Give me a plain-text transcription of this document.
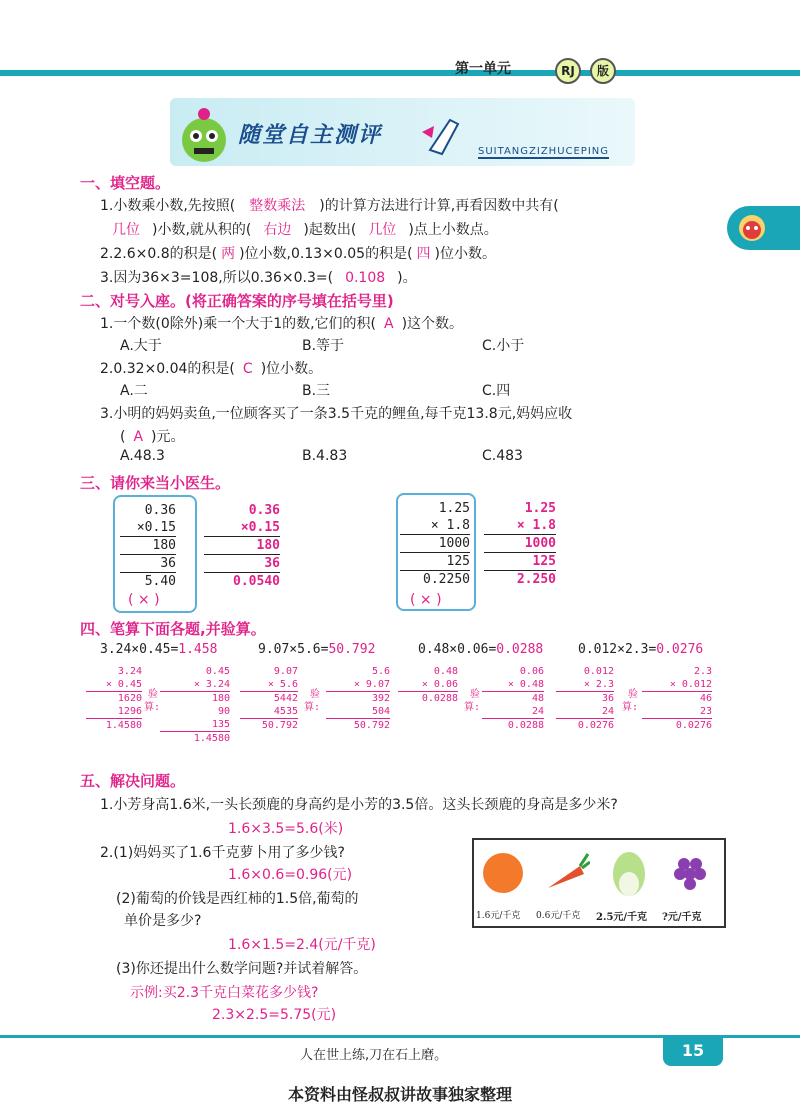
第一单元	RJ	版
随堂自主测评
SUITANGZIZHUCEPING
一、填空题。
1.小数乘小数,先按照( 整数乘法 )的计算方法进行计算,再看因数中共有(
几位 )小数,就从积的( 右边 )起数出( 几位 )点上小数点。
2.2.6×0.8的积是( 两 )位小数,0.13×0.05的积是( 四 )位小数。
3.因为36×3=108,所以0.36×0.3=( 0.108 )。
二、对号入座。(将正确答案的序号填在括号里)
1.一个数(0除外)乘一个大于1的数,它们的积( A )这个数。
A.大于	B.等于	C.小于
2.0.32×0.04的积是( C )位小数。
A.二	B.三	C.四
3.小明的妈妈卖鱼,一位顾客买了一条3.5千克的鲤鱼,每千克13.8元,妈妈应收
( A )元。
A.48.3	B.4.83	C.483
三、请你来当小医生。
0.36
×0.15
180
36
5.40
( × )
0.36
×0.15
180
36
0.0540
1.25
× 1.8
1000
125
0.2250
( × )
1.25
× 1.8
1000
125
2.250
四、笔算下面各题,并验算。
3.24×0.45=1.458	9.07×5.6=50.792	0.48×0.06=0.0288	0.012×2.3=0.0276
3.24
× 0.45
1620
1296
1.4580
验
算:
0.45
× 3.24
180
90
135
1.4580
9.07
× 5.6
5442
4535
50.792
验
算:
5.6
× 9.07
392
504
50.792
0.48
× 0.06
0.0288	验
算:
0.06
× 0.48
48
24
0.0288
0.012
× 2.3
36
24
0.0276
验
算:
2.3
× 0.012
46
23
0.0276
五、解决问题。
1.小芳身高1.6米,一头长颈鹿的身高约是小芳的3.5倍。这头长颈鹿的身高是多少米?
1.6×3.5=5.6(米)
2.(1)妈妈买了1.6千克萝卜用了多少钱?
1.6×0.6=0.96(元)
(2)葡萄的价钱是西红柿的1.5倍,葡萄的
单价是多少?
1.6×1.5=2.4(元/千克)
(3)你还提出什么数学问题?并试着解答。
示例:买2.3千克白菜花多少钱?
2.3×2.5=5.75(元)
1.6元/千克 0.6元/千克 2.5元/千克 ?元/千克
人在世上练,刀在石上磨。	15
本资料由怪叔叔讲故事独家整理
